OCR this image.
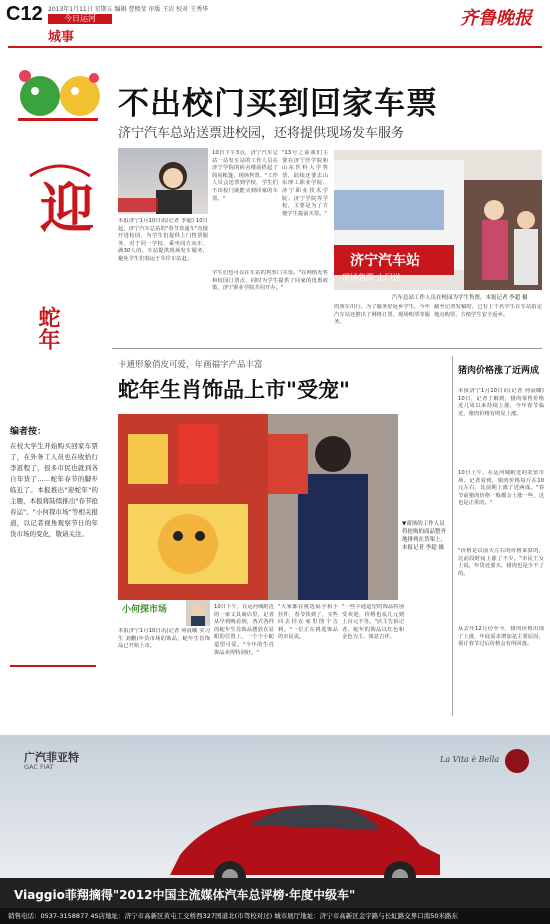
C12 2013年1月11日 星期五 编辑 曹熙莹 审版 王岩 校对 王秀华
今日运河
城事
齐鲁晚报
迎
蛇年
不出校门买到回家车票
济宁汽车总站送票进校园，还将提供现场发车服务
本报济宁1月10日讯(记者 李超) 10日起，济宁汽车总站的"春节直通车"直接开进校园，为学生们提供上门售票服务，对于同一学校、乘坐同方向车，满30人的，车站提供现场发车服务，避免学生们春运于车往车站赶。
10日下午3点，济宁汽车总站一站发车站的工作人员在济宁学院的宿舍楼前搭起了简易帐篷，现场售票。"工作人员会送票到学校，学生们不出校门就能买到回家的车票。"
"13号之前我们主要在济宁医学院和山东医科大学售票，陆续还要去山东理工职业学院、济宁职业技术学院、济宁学院等学校，主要是为了方便学生提前买票。"
学生们也可以在车站的售票口买票。"在网络发售和校园订票点，同时为学生提供了回家的优惠政策，济宁职业学院共同开办。"
济宁汽车站
现场售票 上门送
汽车总站工作人员在校园为学生售票。本报记者 李超 摄
的客车出行。为了服务好返乡学生，今年汽车站还推出了网络订票，现场购票等服务。
截至记者发稿时，已有上千名学生在车站指定地点购票，方便学生安全返乡。
编者按：
在校大学生开始购买回家车票了，在外务工人员也在收拾行李返程了，很多市民也就到各自年货了……蛇年春节的脚步临近了。本报推出"迎蛇年"的主题，本报将陆续推出"春节抢春运"、"小何探市场"等相关报道，以记者视角观察节日的年货市场的变化，敬请关注。
卡通形象俏皮可爱，年画福字产品丰富
蛇年生肖饰品上市"受宠"
▼商场的工作人员将抢购的商品整齐地排列在货架上，本报记者 李超 摄
小何探市场
本报济宁1月10日讯(记者 何晨曦 实习生 刘鹏)年货市场的饰品，蛇年生肖饰品已开始上市。
10日下午，在运河城附近的一家文具商店里，记者从早到晚看到，各式各样的蛇年生肖饰品摆放在显眼的位置上，一个个小蛇造型可爱。"今年的生肖饰品卖得特别好。"
"大家都在挑选福字和小挂件，春节快到了，买些回去挂在家里图个吉利。"一位正在挑选饰品的市民说。
"一些卡通造型的饰品特别受欢迎，价格也从几元到上百元不等。"店主告诉记者，蛇年的饰品以红色和金色为主，寓意吉祥。
猪肉价格涨了近两成
本报济宁1月10日讯(记者 何晨曦) 10日，记者了解到，猪肉零售价格近几周以来持续上涨，今年春节临近，猪肉价格有明显上涨。
10日上午，在运河城附近的农贸市场，记者看到，猪肉价格每斤在10元左右，比前期上涨了近两成。"春节前猪肉价格一般都会上涨一些，这也是正常的。"
"价格是以前天左右的价格来算的，比前段时间上涨了不少。"市民王女士说，年货还要买，猪肉也是少不了的。
从去年12月份至今，猪肉价格出现了上涨，年底需求增加是主要原因，预计春节过后价格会有所回落。
广汽菲亚特
GAC FIAT
La Vita è Bella
Viaggio菲翔摘得"2012中国主流媒体汽车总评榜·年度中级车"
销售电话：0537-3158877 4S店地址：济宁市高新区黄屯工交桥西327国道北(市驾校对过) 城市展厅地址：济宁市高新区金宇路与长虹路交界口南50米路东
